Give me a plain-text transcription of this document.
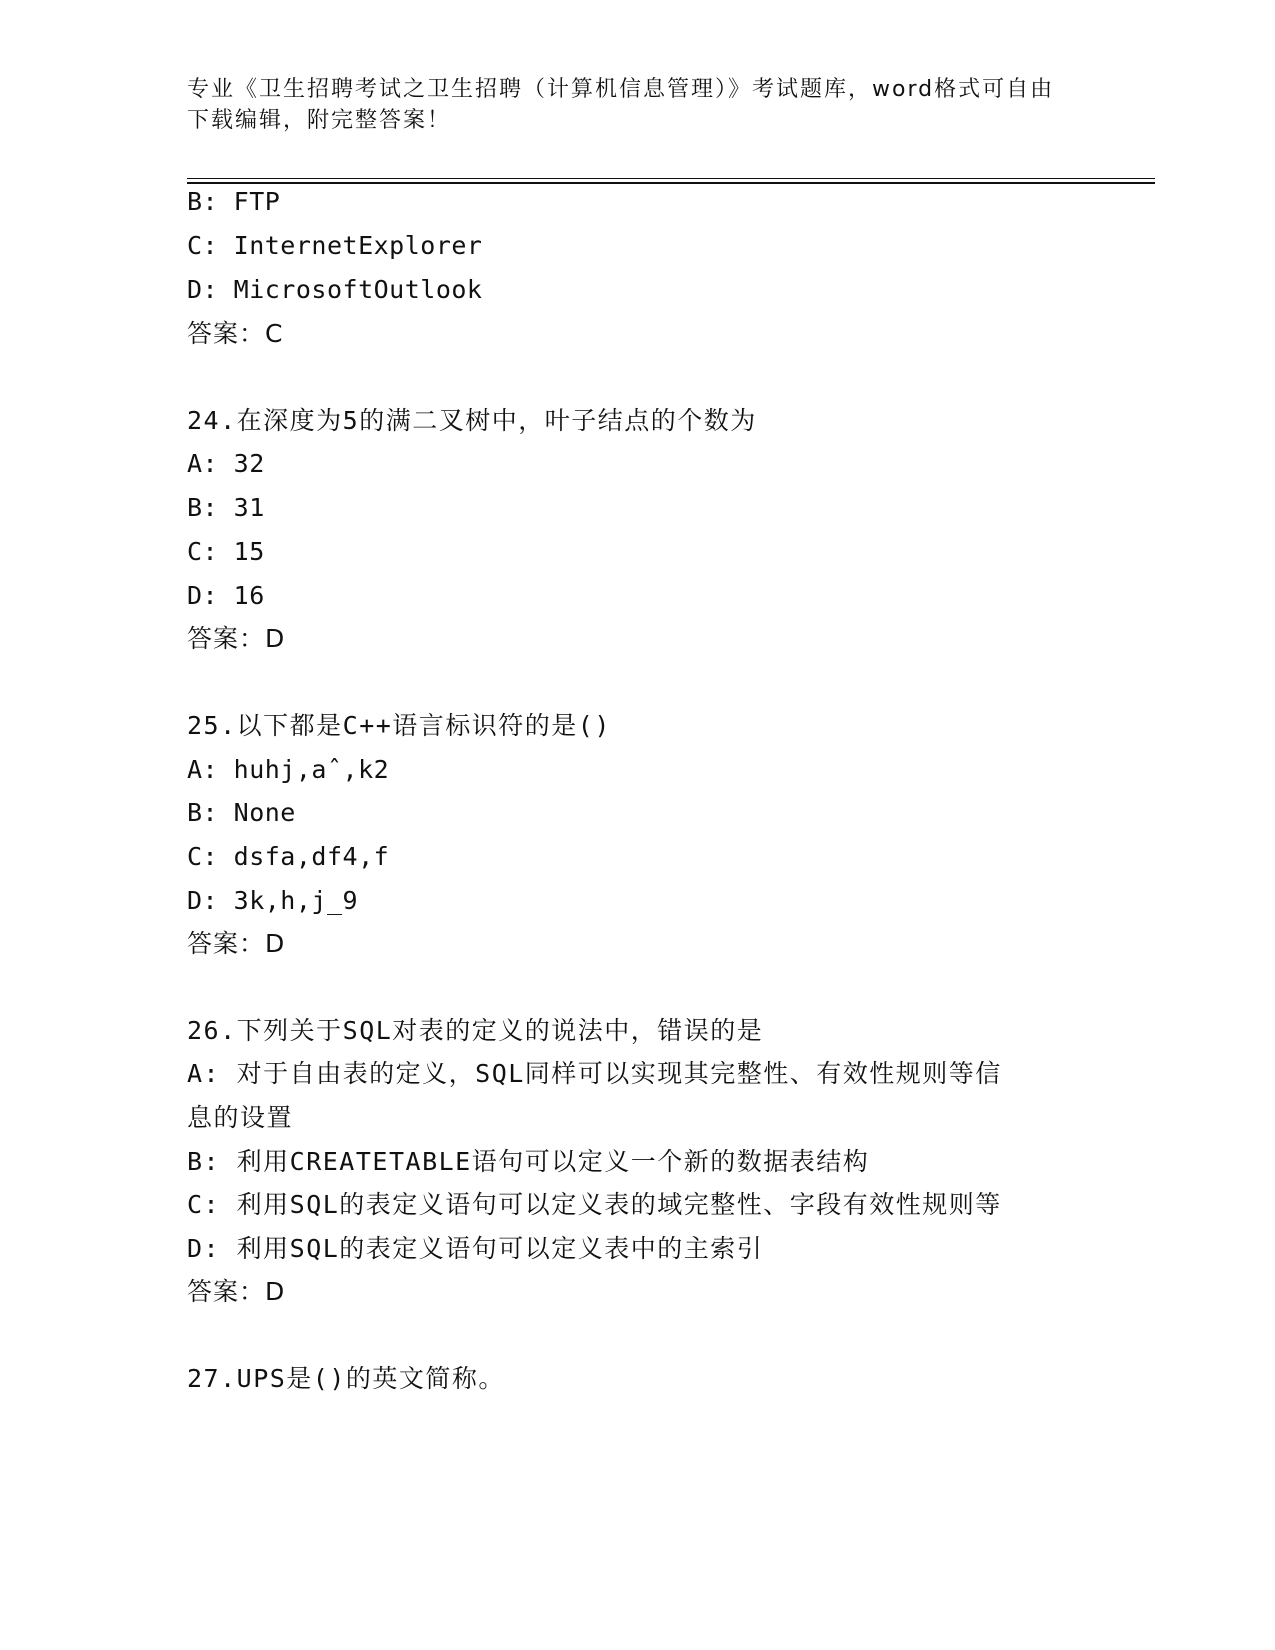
专业《卫生招聘考试之卫生招聘（计算机信息管理）》考试题库，word格式可自由下载编辑，附完整答案！
B: FTP
C: InternetExplorer
D: MicrosoftOutlook
答案：C
24.在深度为5的满二叉树中，叶子结点的个数为
A: 32
B: 31
C: 15
D: 16
答案：D
25.以下都是C++语言标识符的是()
A: huhj,aˆ,k2
B: None
C: dsfa,df4,f
D: 3k,h,j_9
答案：D
26.下列关于SQL对表的定义的说法中，错误的是
A: 对于自由表的定义，SQL同样可以实现其完整性、有效性规则等信
息的设置
B: 利用CREATETABLE语句可以定义一个新的数据表结构
C: 利用SQL的表定义语句可以定义表的域完整性、字段有效性规则等
D: 利用SQL的表定义语句可以定义表中的主索引
答案：D
27.UPS是()的英文简称。
